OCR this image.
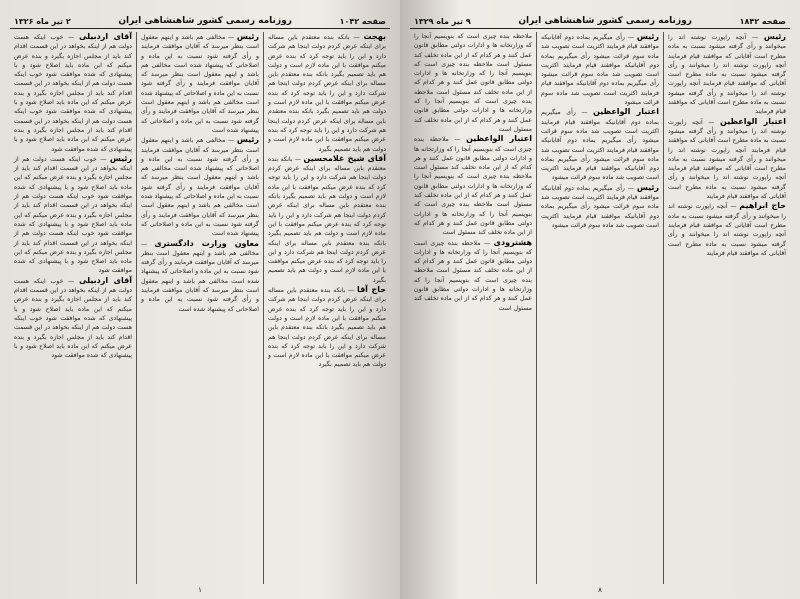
صفحه ۱۰۴۲
روزنامه رسمی کشور شاهنشاهی ایران
۲ تیر ماه ۱۳۲۶
بهجت — بانکه بنده معتقدم باین مساله برای اینکه عرض کردم دولت اینجا هم شرکت دارد و این را باید توجه کرد که بنده عرض میکنم موافقت با این ماده لازم است و دولت هم باید تصمیم بگیرد بانکه بنده معتقدم باین مساله برای اینکه عرض کردم دولت اینجا هم شرکت دارد و این را باید توجه کرد که بنده عرض میکنم موافقت با این ماده لازم است و دولت هم باید تصمیم بگیرد بانکه بنده معتقدم باین مساله برای اینکه عرض کردم دولت اینجا هم شرکت دارد و این را باید توجه کرد که بنده عرض میکنم موافقت با این ماده لازم است و دولت هم باید تصمیم بگیرد
آقای شیخ غلامحسین — بانکه بنده معتقدم باین مساله برای اینکه عرض کردم دولت اینجا هم شرکت دارد و این را باید توجه کرد که بنده عرض میکنم موافقت با این ماده لازم است و دولت هم باید تصمیم بگیرد بانکه بنده معتقدم باین مساله برای اینکه عرض کردم دولت اینجا هم شرکت دارد و این را باید توجه کرد که بنده عرض میکنم موافقت با این ماده لازم است و دولت هم باید تصمیم بگیرد بانکه بنده معتقدم باین مساله برای اینکه عرض کردم دولت اینجا هم شرکت دارد و این را باید توجه کرد که بنده عرض میکنم موافقت با این ماده لازم است و دولت هم باید تصمیم بگیرد
حاج آقا — بانکه بنده معتقدم باین مساله برای اینکه عرض کردم دولت اینجا هم شرکت دارد و این را باید توجه کرد که بنده عرض میکنم موافقت با این ماده لازم است و دولت هم باید تصمیم بگیرد بانکه بنده معتقدم باین مساله برای اینکه عرض کردم دولت اینجا هم شرکت دارد و این را باید توجه کرد که بنده عرض میکنم موافقت با این ماده لازم است و دولت هم باید تصمیم بگیرد

رئیس — مخالفی هم باشد و اینهم معقول است بنظر میرسد که آقایان موافقت فرمایند و رأی گرفته شود نسبت به این ماده و اصلاحاتی که پیشنهاد شده است مخالفی هم باشد و اینهم معقول است بنظر میرسد که آقایان موافقت فرمایند و رأی گرفته شود نسبت به این ماده و اصلاحاتی که پیشنهاد شده است مخالفی هم باشد و اینهم معقول است بنظر میرسد که آقایان موافقت فرمایند و رأی گرفته شود نسبت به این ماده و اصلاحاتی که پیشنهاد شده است
رئیس — مخالفی هم باشد و اینهم معقول است بنظر میرسد که آقایان موافقت فرمایند و رأی گرفته شود نسبت به این ماده و اصلاحاتی که پیشنهاد شده است مخالفی هم باشد و اینهم معقول است بنظر میرسد که آقایان موافقت فرمایند و رأی گرفته شود نسبت به این ماده و اصلاحاتی که پیشنهاد شده است مخالفی هم باشد و اینهم معقول است بنظر میرسد که آقایان موافقت فرمایند و رأی گرفته شود نسبت به این ماده و اصلاحاتی که پیشنهاد شده است
معاون وزارت دادگستری — مخالفی هم باشد و اینهم معقول است بنظر میرسد که آقایان موافقت فرمایند و رأی گرفته شود نسبت به این ماده و اصلاحاتی که پیشنهاد شده است مخالفی هم باشد و اینهم معقول است بنظر میرسد که آقایان موافقت فرمایند و رأی گرفته شود نسبت به این ماده و اصلاحاتی که پیشنهاد شده است

آقای اردبیلی — خوب اینکه هست دولت هم از اینکه بخواهد در این قسمت اقدام کند باید از مجلس اجازه بگیرد و بنده عرض میکنم که این ماده باید اصلاح شود و با پیشنهادی که شده موافقت شود خوب اینکه هست دولت هم از اینکه بخواهد در این قسمت اقدام کند باید از مجلس اجازه بگیرد و بنده عرض میکنم که این ماده باید اصلاح شود و با پیشنهادی که شده موافقت شود خوب اینکه هست دولت هم از اینکه بخواهد در این قسمت اقدام کند باید از مجلس اجازه بگیرد و بنده عرض میکنم که این ماده باید اصلاح شود و با پیشنهادی که شده موافقت شود
رئیس — خوب اینکه هست دولت هم از اینکه بخواهد در این قسمت اقدام کند باید از مجلس اجازه بگیرد و بنده عرض میکنم که این ماده باید اصلاح شود و با پیشنهادی که شده موافقت شود خوب اینکه هست دولت هم از اینکه بخواهد در این قسمت اقدام کند باید از مجلس اجازه بگیرد و بنده عرض میکنم که این ماده باید اصلاح شود و با پیشنهادی که شده موافقت شود خوب اینکه هست دولت هم از اینکه بخواهد در این قسمت اقدام کند باید از مجلس اجازه بگیرد و بنده عرض میکنم که این ماده باید اصلاح شود و با پیشنهادی که شده موافقت شود
آقای اردبیلی — خوب اینکه هست دولت هم از اینکه بخواهد در این قسمت اقدام کند باید از مجلس اجازه بگیرد و بنده عرض میکنم که این ماده باید اصلاح شود و با پیشنهادی که شده موافقت شود خوب اینکه هست دولت هم از اینکه بخواهد در این قسمت اقدام کند باید از مجلس اجازه بگیرد و بنده عرض میکنم که این ماده باید اصلاح شود و با پیشنهادی که شده موافقت شود

۱
صفحه ۱۸۴۲
روزنامه رسمی کشور شاهنشاهی ایران
۹ تیر ماه ۱۳۲۹
رئیس — آنچه راپورت نوشته اند را میخوانند و رأی گرفته میشود نسبت به ماده مطرح است آقایانی که موافقند قیام فرمایند آنچه راپورت نوشته اند را میخوانند و رأی گرفته میشود نسبت به ماده مطرح است آقایانی که موافقند قیام فرمایند آنچه راپورت نوشته اند را میخوانند و رأی گرفته میشود نسبت به ماده مطرح است آقایانی که موافقند قیام فرمایند
اعتبار الواعظین — آنچه راپورت نوشته اند را میخوانند و رأی گرفته میشود نسبت به ماده مطرح است آقایانی که موافقند قیام فرمایند آنچه راپورت نوشته اند را میخوانند و رأی گرفته میشود نسبت به ماده مطرح است آقایانی که موافقند قیام فرمایند آنچه راپورت نوشته اند را میخوانند و رأی گرفته میشود نسبت به ماده مطرح است آقایانی که موافقند قیام فرمایند
حاج ابراهیم — آنچه راپورت نوشته اند را میخوانند و رأی گرفته میشود نسبت به ماده مطرح است آقایانی که موافقند قیام فرمایند آنچه راپورت نوشته اند را میخوانند و رأی گرفته میشود نسبت به ماده مطرح است آقایانی که موافقند قیام فرمایند

رئیس — رأی میگیریم بماده دوم آقایانیکه موافقند قیام فرمایند اکثریت است تصویب شد ماده سوم قرائت میشود رأی میگیریم بماده دوم آقایانیکه موافقند قیام فرمایند اکثریت است تصویب شد ماده سوم قرائت میشود رأی میگیریم بماده دوم آقایانیکه موافقند قیام فرمایند اکثریت است تصویب شد ماده سوم قرائت میشود
اعتبار الواعظین — رأی میگیریم بماده دوم آقایانیکه موافقند قیام فرمایند اکثریت است تصویب شد ماده سوم قرائت میشود رأی میگیریم بماده دوم آقایانیکه موافقند قیام فرمایند اکثریت است تصویب شد ماده سوم قرائت میشود رأی میگیریم بماده دوم آقایانیکه موافقند قیام فرمایند اکثریت است تصویب شد ماده سوم قرائت میشود
رئیس — رأی میگیریم بماده دوم آقایانیکه موافقند قیام فرمایند اکثریت است تصویب شد ماده سوم قرائت میشود رأی میگیریم بماده دوم آقایانیکه موافقند قیام فرمایند اکثریت است تصویب شد ماده سوم قرائت میشود

ملاحظه بنده چیزی است که بنویسیم آنجا را که وزارتخانه ها و ادارات دولتی مطابق قانون عمل کنند و هر کدام که از این ماده تخلف کند مسئول است ملاحظه بنده چیزی است که بنویسیم آنجا را که وزارتخانه ها و ادارات دولتی مطابق قانون عمل کنند و هر کدام که از این ماده تخلف کند مسئول است ملاحظه بنده چیزی است که بنویسیم آنجا را که وزارتخانه ها و ادارات دولتی مطابق قانون عمل کنند و هر کدام که از این ماده تخلف کند مسئول است
اعتبار الواعظین — ملاحظه بنده چیزی است که بنویسیم آنجا را که وزارتخانه ها و ادارات دولتی مطابق قانون عمل کنند و هر کدام که از این ماده تخلف کند مسئول است ملاحظه بنده چیزی است که بنویسیم آنجا را که وزارتخانه ها و ادارات دولتی مطابق قانون عمل کنند و هر کدام که از این ماده تخلف کند مسئول است ملاحظه بنده چیزی است که بنویسیم آنجا را که وزارتخانه ها و ادارات دولتی مطابق قانون عمل کنند و هر کدام که از این ماده تخلف کند مسئول است
هشترودی — ملاحظه بنده چیزی است که بنویسیم آنجا را که وزارتخانه ها و ادارات دولتی مطابق قانون عمل کنند و هر کدام که از این ماده تخلف کند مسئول است ملاحظه بنده چیزی است که بنویسیم آنجا را که وزارتخانه ها و ادارات دولتی مطابق قانون عمل کنند و هر کدام که از این ماده تخلف کند مسئول است

۸
